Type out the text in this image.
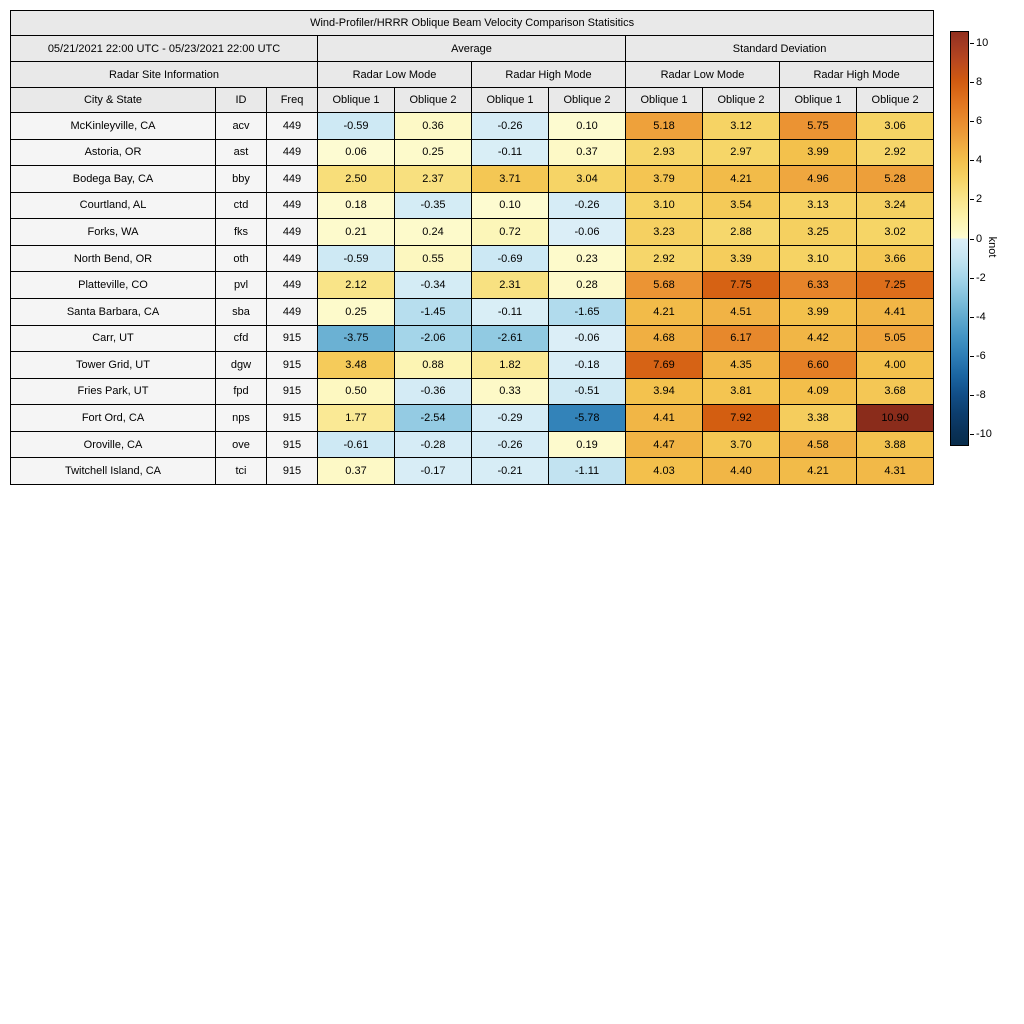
Wind-Profiler/HRRR Oblique Beam Velocity Comparison Statisitics										
05/21/2021 22:00 UTC - 05/23/2021 22:00 UTC			Average				Standard Deviation			
Radar Site Information			Radar Low Mode		Radar High Mode		Radar Low Mode		Radar High Mode	
City & State	ID	Freq	Oblique 1	Oblique 2	Oblique 1	Oblique 2	Oblique 1	Oblique 2	Oblique 1	Oblique 2
McKinleyville, CA	acv	449	-0.59	0.36	-0.26	0.10	5.18	3.12	5.75	3.06
Astoria, OR	ast	449	0.06	0.25	-0.11	0.37	2.93	2.97	3.99	2.92
Bodega Bay, CA	bby	449	2.50	2.37	3.71	3.04	3.79	4.21	4.96	5.28
Courtland, AL	ctd	449	0.18	-0.35	0.10	-0.26	3.10	3.54	3.13	3.24
Forks, WA	fks	449	0.21	0.24	0.72	-0.06	3.23	2.88	3.25	3.02
North Bend, OR	oth	449	-0.59	0.55	-0.69	0.23	2.92	3.39	3.10	3.66
Platteville, CO	pvl	449	2.12	-0.34	2.31	0.28	5.68	7.75	6.33	7.25
Santa Barbara, CA	sba	449	0.25	-1.45	-0.11	-1.65	4.21	4.51	3.99	4.41
Carr, UT	cfd	915	-3.75	-2.06	-2.61	-0.06	4.68	6.17	4.42	5.05
Tower Grid, UT	dgw	915	3.48	0.88	1.82	-0.18	7.69	4.35	6.60	4.00
Fries Park, UT	fpd	915	0.50	-0.36	0.33	-0.51	3.94	3.81	4.09	3.68
Fort Ord, CA	nps	915	1.77	-2.54	-0.29	-5.78	4.41	7.92	3.38	10.90
Oroville, CA	ove	915	-0.61	-0.28	-0.26	0.19	4.47	3.70	4.58	3.88
Twitchell Island, CA	tci	915	0.37	-0.17	-0.21	-1.11	4.03	4.40	4.21	4.31
10
8
6
4
2
0
-2
-4
-6
-8
-10
knot
